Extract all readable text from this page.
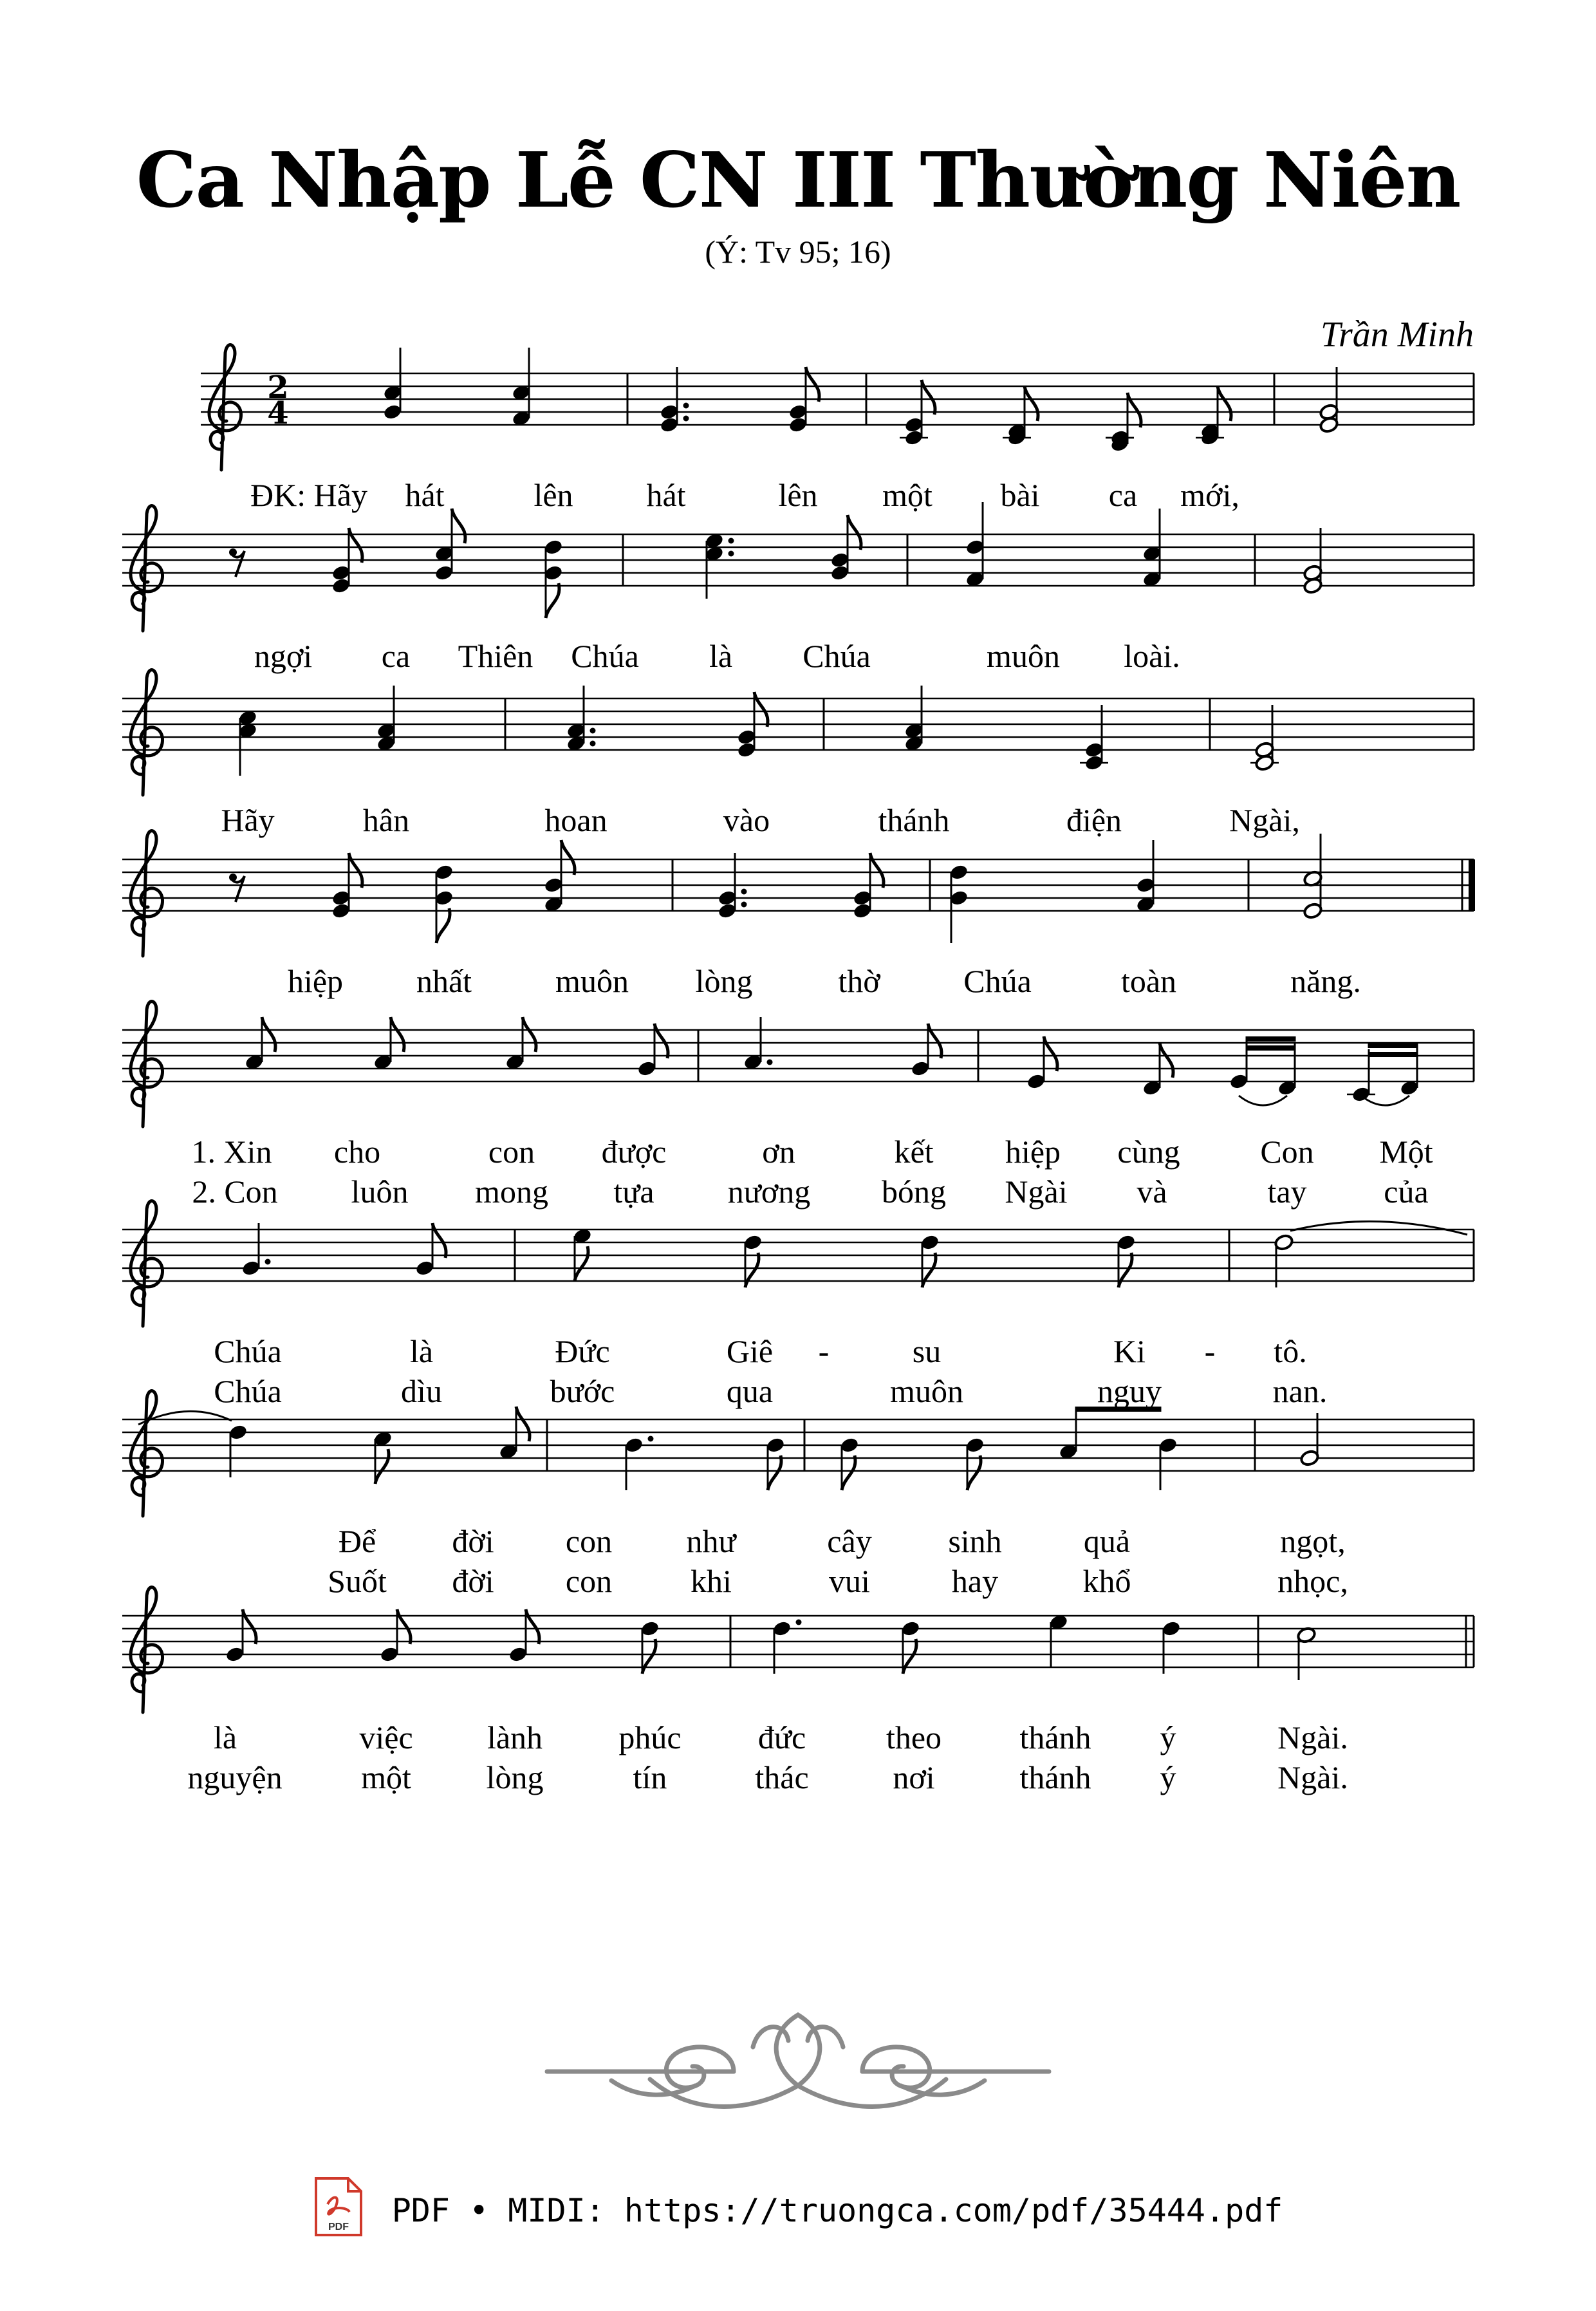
Ca Nhập Lễ CN III Thường Niên
(Ý: Tv 95; 16)
Trần Minh
2
4
ĐK: Hãy hát	lên hát	lên một bài ca mới,
ngợi ca Thiên Chúa là Chúa	muôn loài.
Hãy	hân	hoan	vào	thánh	điện	Ngài,
hiệp nhất	muôn lòng	thờ	Chúa	toàn	năng.
1. Xin cho	con được	ơn	kết hiệp cùng Con Một
2. Con luôn mong tựa nương bóng Ngài và	tay của
Chúa	là	Đức	Giê -	su	Ki - tô.
Chúa	dìu	bước	qua	muôn	nguy	nan.
Để đời con như	cây sinh	quả	ngọt,
Suốt đời con khi	vui	hay	khổ	nhọc,
là	việc lành phúc đức theo thánh ý	Ngài.
nguyện một lòng	tín	thác	nơi	thánh ý	Ngài.
PDF PDF • MIDI: https://truongca.com/pdf/35444.pdf
